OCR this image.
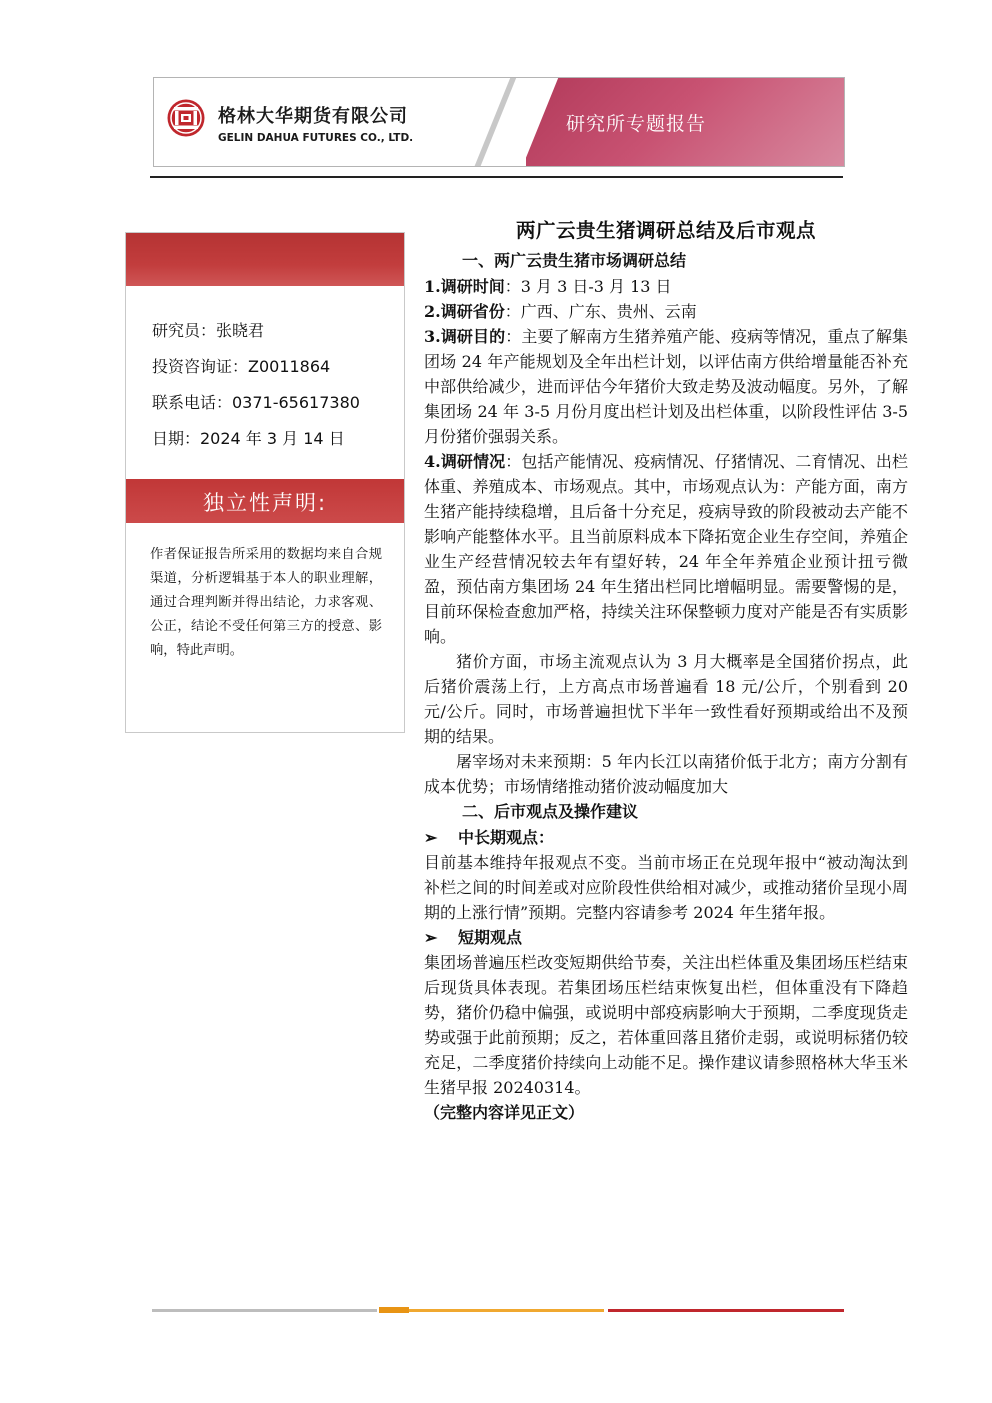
格林大华期货有限公司
GELIN DAHUA FUTURES CO., LTD.
研究所专题报告
研究员：张晓君
投资咨询证：Z0011864
联系电话：0371-65617380
日期：2024 年 3 月 14 日
独立性声明:
作者保证报告所采用的数据均来自合规渠道，分析逻辑基于本人的职业理解，通过合理判断并得出结论，力求客观、公正，结论不受任何第三方的授意、影响，特此声明。
两广云贵生猪调研总结及后市观点
一、两广云贵生猪市场调研总结

1.调研时间：3 月 3 日-3 月 13 日

2.调研省份：广西、广东、贵州、云南

3.调研目的：主要了解南方生猪养殖产能、疫病等情况，重点了解集团场 24 年产能规划及全年出栏计划，以评估南方供给增量能否补充中部供给减少，进而评估今年猪价大致走势及波动幅度。另外，了解集团场 24 年 3-5 月份月度出栏计划及出栏体重，以阶段性评估 3-5 月份猪价强弱关系。

4.调研情况：包括产能情况、疫病情况、仔猪情况、二育情况、出栏体重、养殖成本、市场观点。其中，市场观点认为：产能方面，南方生猪产能持续稳增，且后备十分充足，疫病导致的阶段被动去产能不影响产能整体水平。且当前原料成本下降拓宽企业生存空间，养殖企业生产经营情况较去年有望好转，24 年全年养殖企业预计扭亏微盈，预估南方集团场 24 年生猪出栏同比增幅明显。需要警惕的是，目前环保检查愈加严格，持续关注环保整顿力度对产能是否有实质影响。

猪价方面，市场主流观点认为 3 月大概率是全国猪价拐点，此后猪价震荡上行，上方高点市场普遍看 18 元/公斤，个别看到 20 元/公斤。同时，市场普遍担忧下半年一致性看好预期或给出不及预期的结果。

屠宰场对未来预期：5 年内长江以南猪价低于北方；南方分割有成本优势；市场情绪推动猪价波动幅度加大

二、后市观点及操作建议
➢ 中长期观点：

目前基本维持年报观点不变。当前市场正在兑现年报中“被动淘汰到补栏之间的时间差或对应阶段性供给相对减少，或推动猪价呈现小周期的上涨行情”预期。完整内容请参考 2024 年生猪年报。

➢ 短期观点

集团场普遍压栏改变短期供给节奏，关注出栏体重及集团场压栏结束后现货具体表现。若集团场压栏结束恢复出栏，但体重没有下降趋势，猪价仍稳中偏强，或说明中部疫病影响大于预期，二季度现货走势或强于此前预期；反之，若体重回落且猪价走弱，或说明标猪仍较充足，二季度猪价持续向上动能不足。操作建议请参照格林大华玉米生猪早报 20240314。

（完整内容详见正文）
